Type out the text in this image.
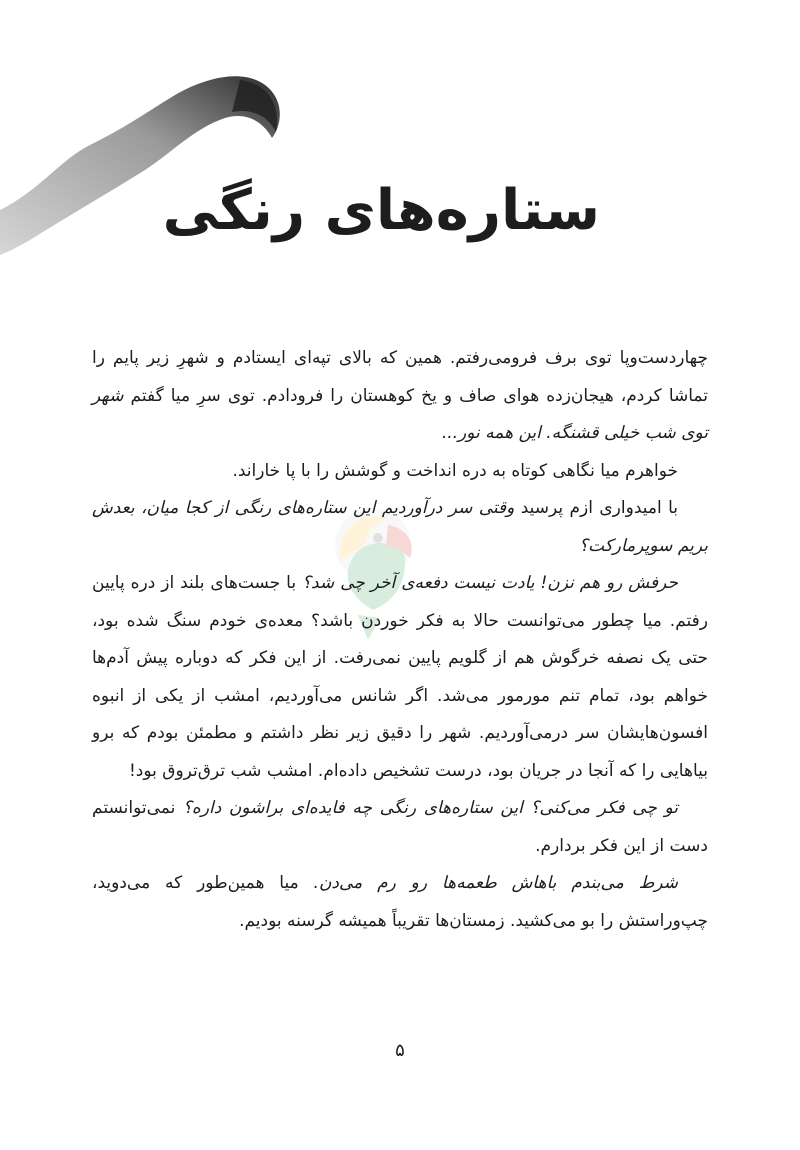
ستاره‌های رنگی

چهاردست‌وپا توی برف فرومی‌رفتم. همین که بالای تپه‌ای ایستادم و شهرِ زیر پایم را تماشا کردم، هیجان‌زده هوای صاف و یخ کوهستان را فرودادم. توی سرِ میا گفتم شهر توی شب خیلی قشنگه. این همه نور...

خواهرم میا نگاهی کوتاه به دره انداخت و گوشش را با پا خاراند.

با امیدواری ازم پرسید وقتی سر درآوردیم این ستاره‌های رنگی از کجا میان، بعدش بریم سوپرمارکت؟

حرفش رو هم نزن! یادت نیست دفعه‌ی آخر چی شد؟ با جست‌های بلند از دره پایین رفتم. میا چطور می‌توانست حالا به فکر خوردن باشد؟ معده‌ی خودم سنگ شده بود، حتی یک نصفه خرگوش هم از گلویم پایین نمی‌رفت. از این فکر که دوباره پیش آدم‌ها خواهم بود، تمام تنم مورمور می‌شد. اگر شانس می‌آوردیم، امشب از یکی از انبوه افسون‌هایشان سر درمی‌آوردیم. شهر را دقیق زیر نظر داشتم و مطمئن بودم که برو بیاهایی را که آنجا در جریان بود، درست تشخیص داده‌ام. امشب شب ترق‌تروق بود!

تو چی فکر می‌کنی؟ این ستاره‌های رنگی چه فایده‌ای براشون داره؟ نمی‌توانستم دست از این فکر بردارم.

شرط می‌بندم باهاش طعمه‌ها رو رم می‌دن. میا همین‌طور که می‌دوید، چپ‌وراستش را بو می‌کشید. زمستان‌ها تقریباً همیشه گرسنه بودیم.

۵
